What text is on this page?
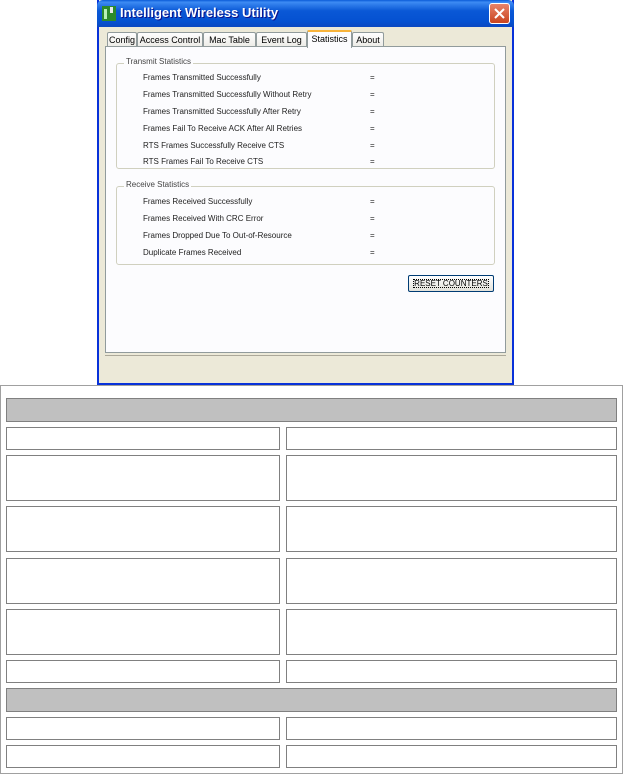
Intelligent Wireless Utility
Config Access Control Mac Table	Event Log	Statistics About
Transmit Statistics
Frames Transmitted Successfully	=
Frames Transmitted Successfully Without Retry	=
Frames Transmitted Successfully After Retry	=
Frames Fail To Receive ACK After All Retries	=
RTS Frames Successfully Receive CTS	=
RTS Frames Fail To Receive CTS	=
Receive Statistics
Frames Received Successfully	=
Frames Received With CRC Error	=
Frames Dropped Due To Out-of-Resource	=
Duplicate Frames Received	=
RESET COUNTERS
